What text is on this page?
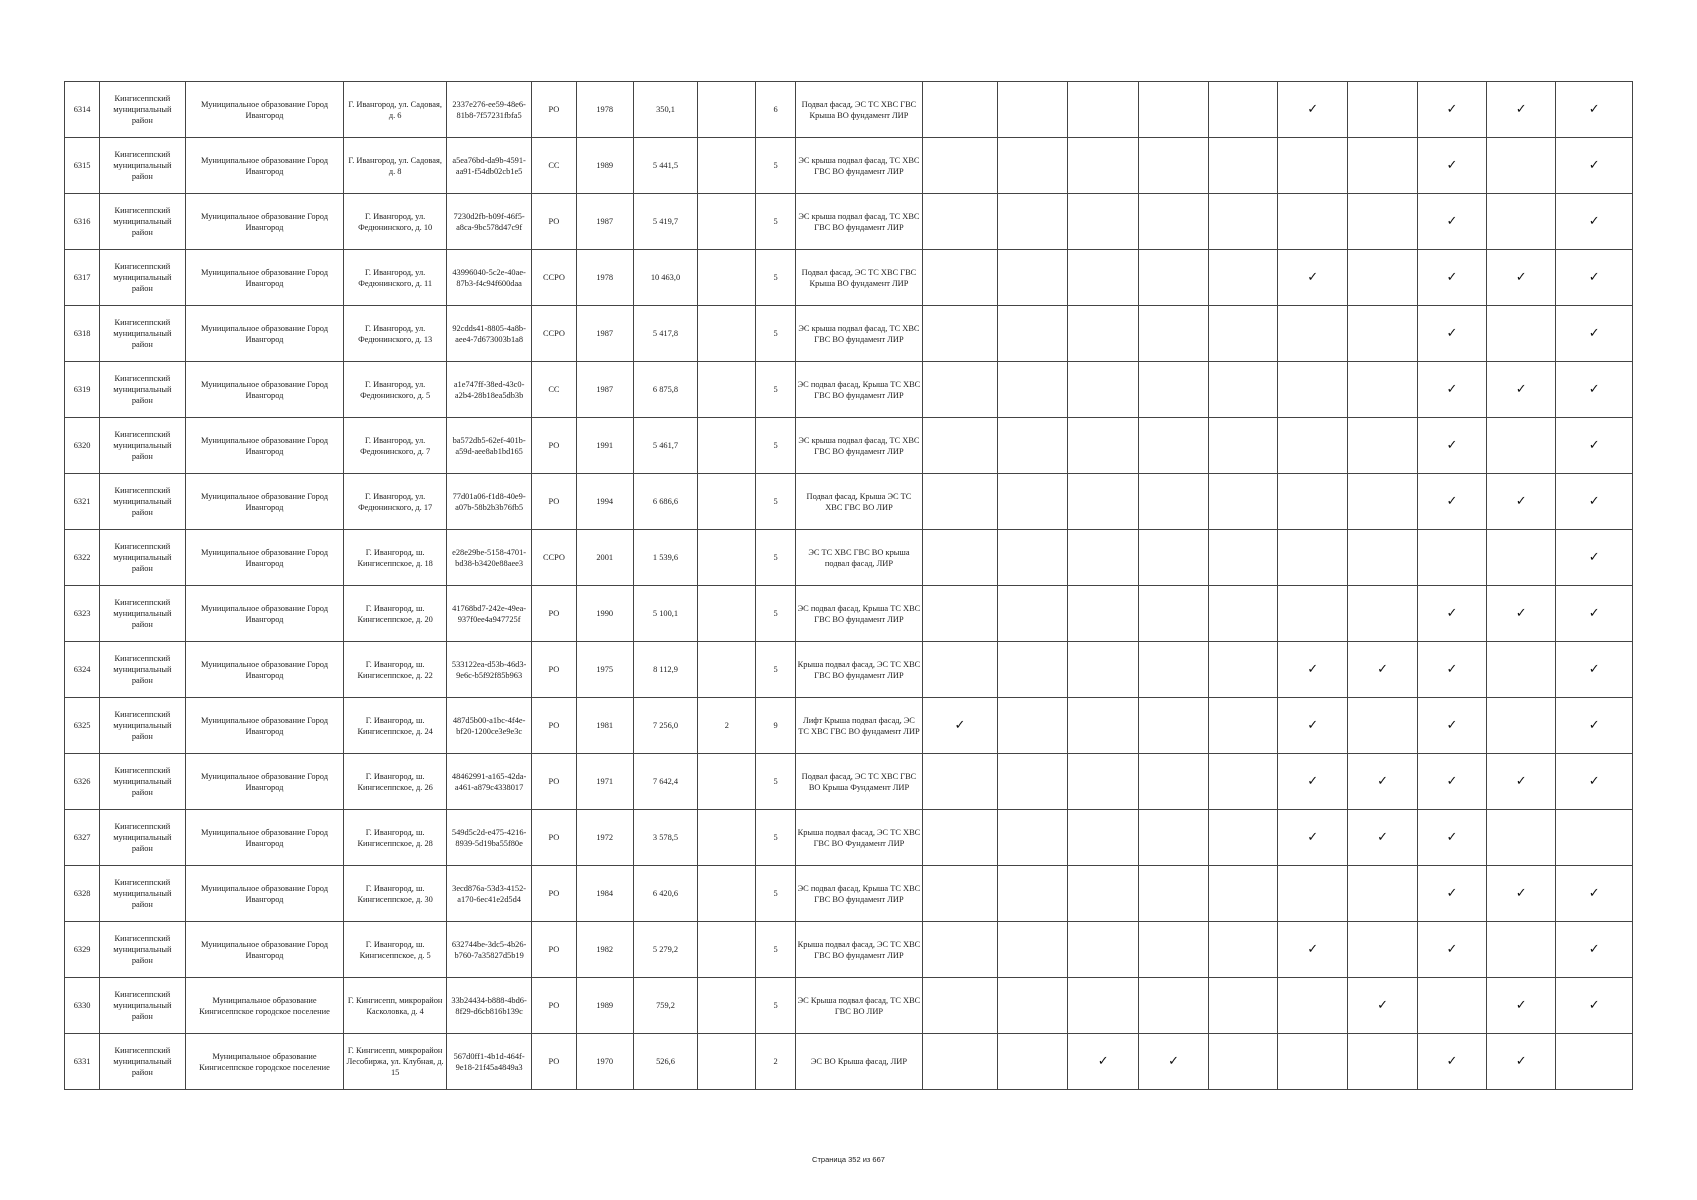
6314	Кингисеппский муниципальный район	Муниципальное образование Город Ивангород	Г. Ивангород, ул. Садовая, д. 6	2337e276-ee59-48e6-81b8-7f57231fbfa5	РО	1978	350,1		6	Подвал фасад, ЭС ТС ХВС ГВС Крыша ВО фундамент ЛИР						✓		✓	✓	✓
6315	Кингисеппский муниципальный район	Муниципальное образование Город Ивангород	Г. Ивангород, ул. Садовая, д. 8	a5ea76bd-da9b-4591-aa91-f54db02cb1e5	СС	1989	5 441,5		5	ЭС крыша подвал фасад, ТС ХВС ГВС ВО фундамент ЛИР								✓		✓
6316	Кингисеппский муниципальный район	Муниципальное образование Город Ивангород	Г. Ивангород, ул. Федюнинского, д. 10	7230d2fb-b09f-46f5-a8ca-9bc578d47c9f	РО	1987	5 419,7		5	ЭС крыша подвал фасад, ТС ХВС ГВС ВО фундамент ЛИР								✓		✓
6317	Кингисеппский муниципальный район	Муниципальное образование Город Ивангород	Г. Ивангород, ул. Федюнинского, д. 11	43996040-5c2e-40ae-87b3-f4c94f600daa	ССРО	1978	10 463,0		5	Подвал фасад, ЭС ТС ХВС ГВС Крыша ВО фундамент ЛИР						✓		✓	✓	✓
6318	Кингисеппский муниципальный район	Муниципальное образование Город Ивангород	Г. Ивангород, ул. Федюнинского, д. 13	92cdds41-8805-4a8b-aee4-7d673003b1a8	ССРО	1987	5 417,8		5	ЭС крыша подвал фасад, ТС ХВС ГВС ВО фундамент ЛИР								✓		✓
6319	Кингисеппский муниципальный район	Муниципальное образование Город Ивангород	Г. Ивангород, ул. Федюнинского, д. 5	a1e747ff-38ed-43c0-a2b4-28b18ea5db3b	СС	1987	6 875,8		5	ЭС подвал фасад, Крыша ТС ХВС ГВС ВО фундамент ЛИР								✓	✓	✓
6320	Кингисеппский муниципальный район	Муниципальное образование Город Ивангород	Г. Ивангород, ул. Федюнинского, д. 7	ba572db5-62ef-401b-a59d-aee8ab1bd165	РО	1991	5 461,7		5	ЭС крыша подвал фасад, ТС ХВС ГВС ВО фундамент ЛИР								✓		✓
6321	Кингисеппский муниципальный район	Муниципальное образование Город Ивангород	Г. Ивангород, ул. Федюнинского, д. 17	77d01a06-f1d8-40e9-a07b-58b2b3b76fb5	РО	1994	6 686,6		5	Подвал фасад, Крыша ЭС ТС ХВС ГВС ВО ЛИР								✓	✓	✓
6322	Кингисеппский муниципальный район	Муниципальное образование Город Ивангород	Г. Ивангород, ш. Кингисеппское, д. 18	e28e29be-5158-4701-bd38-b3420e88aee3	ССРО	2001	1 539,6		5	ЭС ТС ХВС ГВС ВО крыша подвал фасад, ЛИР										✓
6323	Кингисеппский муниципальный район	Муниципальное образование Город Ивангород	Г. Ивангород, ш. Кингисеппское, д. 20	41768bd7-242e-49ea-937f0ee4a947725f	РО	1990	5 100,1		5	ЭС подвал фасад, Крыша ТС ХВС ГВС ВО фундамент ЛИР								✓	✓	✓
6324	Кингисеппский муниципальный район	Муниципальное образование Город Ивангород	Г. Ивангород, ш. Кингисеппское, д. 22	533122ea-d53b-46d3-9e6c-b5f92f85b963	РО	1975	8 112,9		5	Крыша подвал фасад, ЭС ТС ХВС ГВС ВО фундамент ЛИР						✓	✓	✓		✓
6325	Кингисеппский муниципальный район	Муниципальное образование Город Ивангород	Г. Ивангород, ш. Кингисеппское, д. 24	487d5b00-a1bc-4f4e-bf20-1200ce3e9e3c	РО	1981	7 256,0	2	9	Лифт Крыша подвал фасад, ЭС ТС ХВС ГВС ВО фундамент ЛИР	✓					✓		✓		✓
6326	Кингисеппский муниципальный район	Муниципальное образование Город Ивангород	Г. Ивангород, ш. Кингисеппское, д. 26	48462991-a165-42da-a461-a879c4338017	РО	1971	7 642,4		5	Подвал фасад, ЭС ТС ХВС ГВС ВО Крыша Фундамент ЛИР						✓	✓	✓	✓	✓
6327	Кингисеппский муниципальный район	Муниципальное образование Город Ивангород	Г. Ивангород, ш. Кингисеппское, д. 28	549d5c2d-e475-4216-8939-5d19ba55f80e	РО	1972	3 578,5		5	Крыша подвал фасад, ЭС ТС ХВС ГВС ВО Фундамент ЛИР						✓	✓	✓		
6328	Кингисеппский муниципальный район	Муниципальное образование Город Ивангород	Г. Ивангород, ш. Кингисеппское, д. 30	3ecd876a-53d3-4152-a170-6ec41e2d5d4	РО	1984	6 420,6		5	ЭС подвал фасад, Крыша ТС ХВС ГВС ВО фундамент ЛИР								✓	✓	✓
6329	Кингисеппский муниципальный район	Муниципальное образование Город Ивангород	Г. Ивангород, ш. Кингисеппское, д. 5	632744be-3dc5-4b26-b760-7a35827d5b19	РО	1982	5 279,2		5	Крыша подвал фасад, ЭС ТС ХВС ГВС ВО фундамент ЛИР						✓		✓		✓
6330	Кингисеппский муниципальный район	Муниципальное образование Кингисеппское городское поселение	Г. Кингисепп, микрорайон Касколовка, д. 4	33b24434-b888-4bd6-8f29-d6cb816b139c	РО	1989	759,2		5	ЭС Крыша подвал фасад, ТС ХВС ГВС ВО ЛИР							✓		✓	✓
6331	Кингисеппский муниципальный район	Муниципальное образование Кингисеппское городское поселение	Г. Кингисепп, микрорайон Лесобиржа, ул. Клубная, д. 15	567d0ff1-4b1d-464f-9e18-21f45a4849a3	РО	1970	526,6		2	ЭС ВО Крыша фасад, ЛИР			✓	✓				✓	✓	
Страница 352 из 667
